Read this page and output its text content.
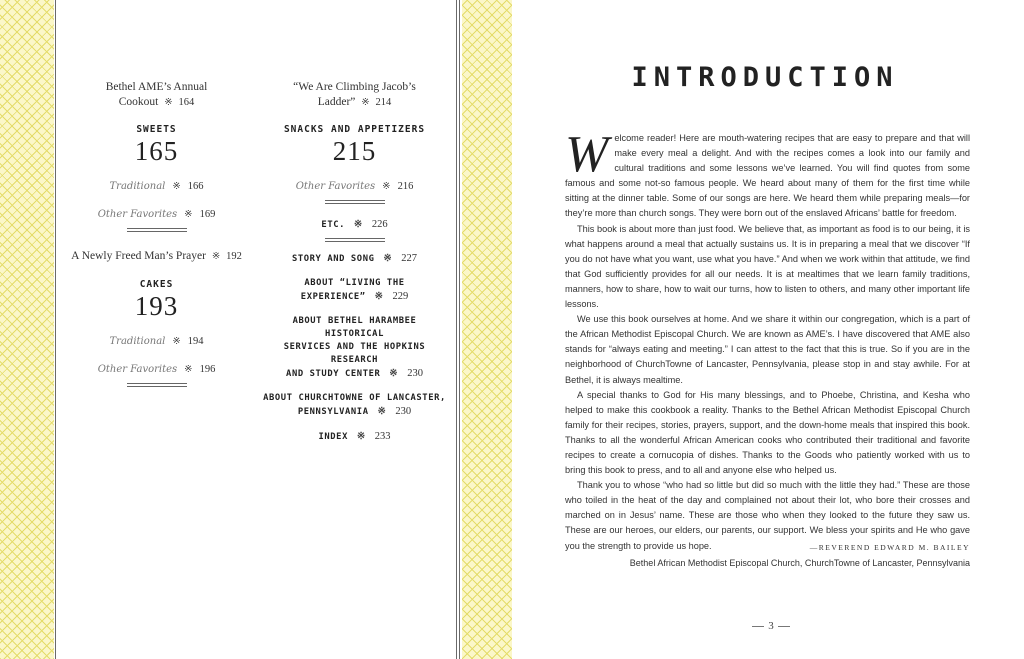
Bethel AME’s Annual
Cookout ※ 164
SWEETS
165
Traditional ※ 166
Other Favorites ※ 169
A Newly Freed Man’s Prayer ※ 192
CAKES
193
Traditional ※ 194
Other Favorites ※ 196
“We Are Climbing Jacob’s
Ladder” ※ 214
SNACKS AND APPETIZERS
215
Other Favorites ※ 216
ETC. ※ 226
STORY AND SONG ※ 227
ABOUT “LIVING THE
EXPERIENCE” ※ 229
ABOUT BETHEL HARAMBEE HISTORICAL
SERVICES AND THE HOPKINS RESEARCH
AND STUDY CENTER ※ 230
ABOUT CHURCHTOWNE OF LANCASTER,
PENNSYLVANIA ※ 230
INDEX ※ 233
INTRODUCTION

Welcome reader! Here are mouth-watering recipes that are easy to prepare and that will make every meal a delight. And with the recipes comes a look into our family and cultural traditions and some lessons we’ve learned. You will find quotes from some famous and some not-so famous people. We heard about many of them for the first time while sitting at the dinner table. Some of our songs are here. We heard them while preparing meals—for they’re more than church songs. They were born out of the enslaved Africans’ battle for freedom.

This book is about more than just food. We believe that, as important as food is to our being, it is what happens around a meal that actually sustains us. It is in preparing a meal that we discover “If you do not have what you want, use what you have.” And when we work within that attitude, we find that God sufficiently provides for all our needs. It is at mealtimes that we learn family traditions, manners, how to share, how to wait our turns, how to listen to others, and many other important life lessons.

We use this book ourselves at home. And we share it within our congregation, which is a part of the African Methodist Episcopal Church. We are known as AME’s. I have discovered that AME also stands for “always eating and meeting.” I can attest to the fact that this is true. So if you are in the neighborhood of ChurchTowne of Lancaster, Pennsylvania, please stop in and stay awhile. For at Bethel, it is always mealtime.

A special thanks to God for His many blessings, and to Phoebe, Christina, and Kesha who helped to make this cookbook a reality. Thanks to the Bethel African Methodist Episcopal Church family for their recipes, stories, prayers, support, and the down-home meals that inspired this book. Thanks to all the wonderful African American cooks who contributed their traditional and favorite recipes to create a cornucopia of dishes. Thanks to the Goods who patiently worked with us to bring this book to press, and to all and anyone else who helped us.

Thank you to whose “who had so little but did so much with the little they had.” These are those who toiled in the heat of the day and complained not about their lot, who bore their crosses and marched on in Jesus’ name. These are those who when they looked to the future they saw us. These are our heroes, our elders, our parents, our support. We bless your spirits and He who gave you the strength to provide us hope.	—REVEREND EDWARD M. BAILEY
Bethel African Methodist Episcopal Church, ChurchTowne of Lancaster, Pennsylvania
3
